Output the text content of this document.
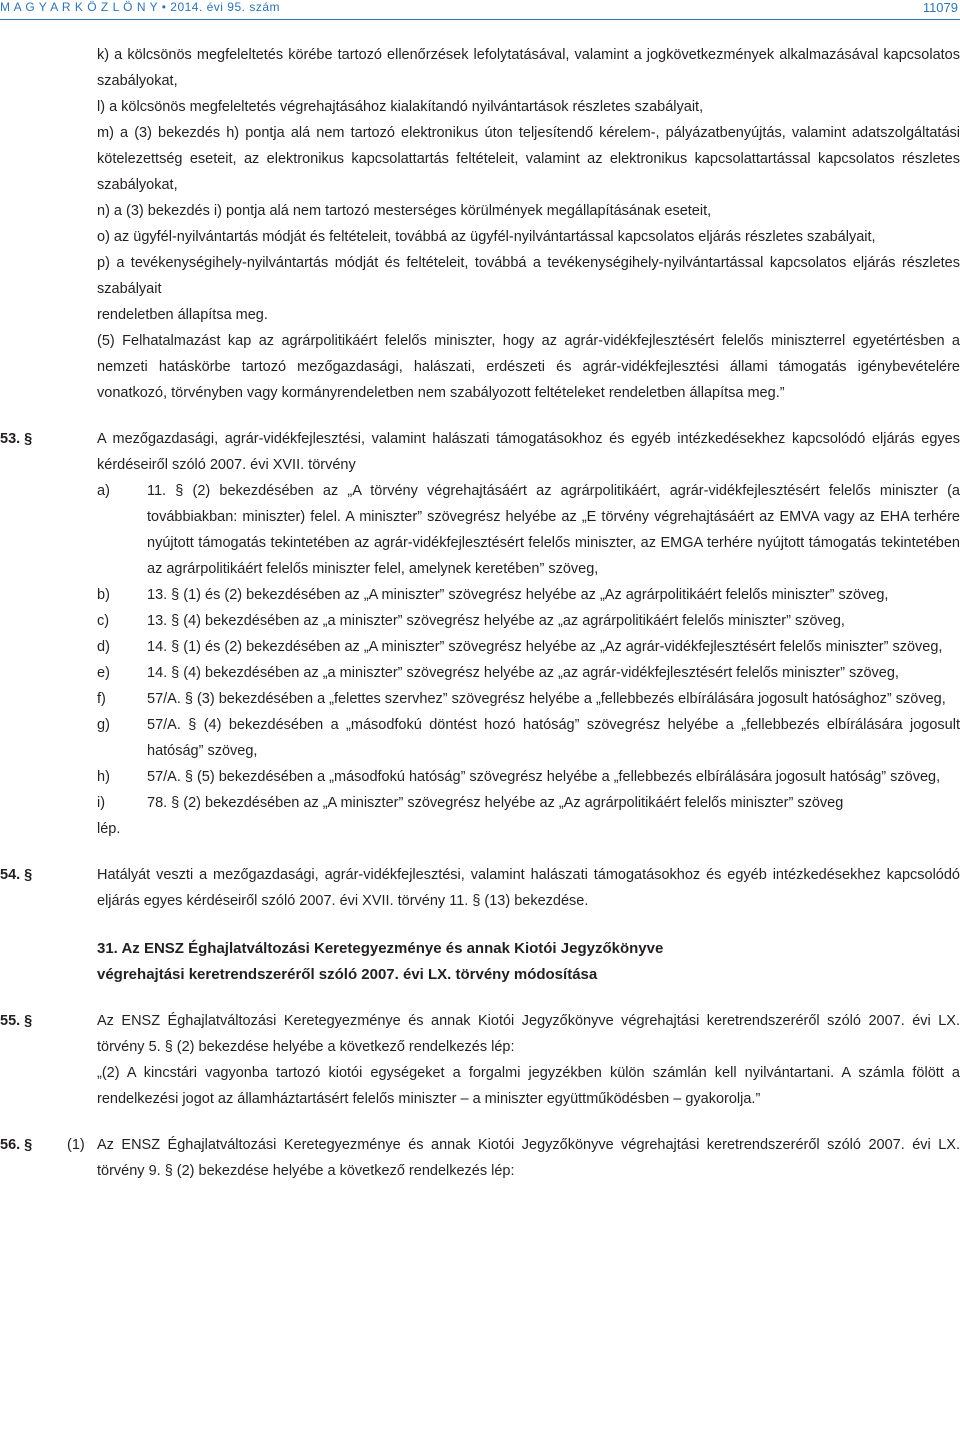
M A G Y A R K Ö Z L Ö N Y • 2014. évi 95. szám	11079

k) a kölcsönös megfeleltetés körébe tartozó ellenőrzések lefolytatásával, valamint a jogkövetkezmények alkalmazásával kapcsolatos szabályokat,

l) a kölcsönös megfeleltetés végrehajtásához kialakítandó nyilvántartások részletes szabályait,

m) a (3) bekezdés h) pontja alá nem tartozó elektronikus úton teljesítendő kérelem-, pályázatbenyújtás, valamint adatszolgáltatási kötelezettség eseteit, az elektronikus kapcsolattartás feltételeit, valamint az elektronikus kapcsolattartással kapcsolatos részletes szabályokat,

n) a (3) bekezdés i) pontja alá nem tartozó mesterséges körülmények megállapításának eseteit,

o) az ügyfél-nyilvántartás módját és feltételeit, továbbá az ügyfél-nyilvántartással kapcsolatos eljárás részletes szabályait,

p) a tevékenységihely-nyilvántartás módját és feltételeit, továbbá a tevékenységihely-nyilvántartással kapcsolatos eljárás részletes szabályait

rendeletben állapítsa meg.

(5) Felhatalmazást kap az agrárpolitikáért felelős miniszter, hogy az agrár-vidékfejlesztésért felelős miniszterrel egyetértésben a nemzeti hatáskörbe tartozó mezőgazdasági, halászati, erdészeti és agrár-vidékfejlesztési állami támogatás igénybevételére vonatkozó, törvényben vagy kormányrendeletben nem szabályozott feltételeket rendeletben állapítsa meg.”

53. §	A mezőgazdasági, agrár-vidékfejlesztési, valamint halászati támogatásokhoz és egyéb intézkedésekhez kapcsolódó eljárás egyes kérdéseiről szóló 2007. évi XVII. törvény

a)	11. § (2) bekezdésében az „A törvény végrehajtásáért az agrárpolitikáért, agrár-vidékfejlesztésért felelős miniszter (a továbbiakban: miniszter) felel. A miniszter” szövegrész helyébe az „E törvény végrehajtásáért az EMVA vagy az EHA terhére nyújtott támogatás tekintetében az agrár-vidékfejlesztésért felelős miniszter, az EMGA terhére nyújtott támogatás tekintetében az agrárpolitikáért felelős miniszter felel, amelynek keretében” szöveg,

b)	13. § (1) és (2) bekezdésében az „A miniszter” szövegrész helyébe az „Az agrárpolitikáért felelős miniszter” szöveg,

c)	13. § (4) bekezdésében az „a miniszter” szövegrész helyébe az „az agrárpolitikáért felelős miniszter” szöveg,

d)	14. § (1) és (2) bekezdésében az „A miniszter” szövegrész helyébe az „Az agrár-vidékfejlesztésért felelős miniszter” szöveg,

e)	14. § (4) bekezdésében az „a miniszter” szövegrész helyébe az „az agrár-vidékfejlesztésért felelős miniszter” szöveg,

f)	57/A. § (3) bekezdésében a „felettes szervhez” szövegrész helyébe a „fellebbezés elbírálására jogosult hatósághoz” szöveg,

g)	57/A. § (4) bekezdésében a „másodfokú döntést hozó hatóság” szövegrész helyébe a „fellebbezés elbírálására jogosult hatóság” szöveg,

h)	57/A. § (5) bekezdésében a „másodfokú hatóság” szövegrész helyébe a „fellebbezés elbírálására jogosult hatóság” szöveg,

i)	78. § (2) bekezdésében az „A miniszter” szövegrész helyébe az „Az agrárpolitikáért felelős miniszter” szöveg

lép.

54. §	Hatályát veszti a mezőgazdasági, agrár-vidékfejlesztési, valamint halászati támogatásokhoz és egyéb intézkedésekhez kapcsolódó eljárás egyes kérdéseiről szóló 2007. évi XVII. törvény 11. § (13) bekezdése.

31. Az ENSZ Éghajlatváltozási Keretegyezménye és annak Kiotói Jegyzőkönyve
végrehajtási keretrendszeréről szóló 2007. évi LX. törvény módosítása
55. §	Az ENSZ Éghajlatváltozási Keretegyezménye és annak Kiotói Jegyzőkönyve végrehajtási keretrendszeréről szóló 2007. évi LX. törvény 5. § (2) bekezdése helyébe a következő rendelkezés lép:

„(2) A kincstári vagyonba tartozó kiotói egységeket a forgalmi jegyzékben külön számlán kell nyilvántartani. A számla fölött a rendelkezési jogot az államháztartásért felelős miniszter – a miniszter együttműködésben – gyakorolja.”

56. § (1) Az ENSZ Éghajlatváltozási Keretegyezménye és annak Kiotói Jegyzőkönyve végrehajtási keretrendszeréről szóló 2007. évi LX. törvény 9. § (2) bekezdése helyébe a következő rendelkezés lép:
